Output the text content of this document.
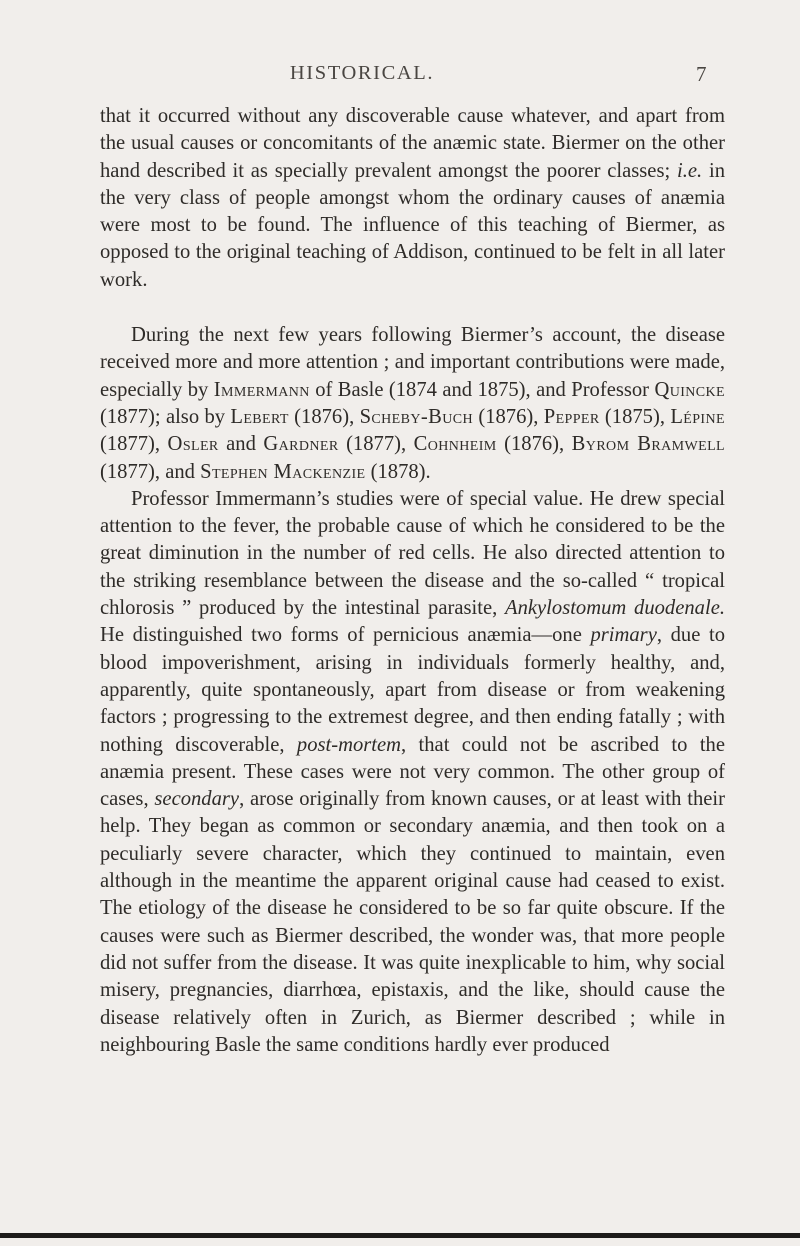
HISTORICAL.	7

that it occurred without any discoverable cause whatever, and apart from the usual causes or concomitants of the anæmic state. Biermer on the other hand described it as specially prevalent amongst the poorer classes; i.e. in the very class of people amongst whom the ordinary causes of anæmia were most to be found. The influence of this teaching of Biermer, as opposed to the original teaching of Addison, continued to be felt in all later work.

During the next few years following Biermer’s account, the disease received more and more attention ; and important contributions were made, especially by Immermann of Basle (1874 and 1875), and Professor Quincke (1877); also by Lebert (1876), Scheby-Buch (1876), Pepper (1875), Lépine (1877), Osler and Gardner (1877), Cohnheim (1876), Byrom Bramwell (1877), and Stephen Mackenzie (1878).

Professor Immermann’s studies were of special value. He drew special attention to the fever, the probable cause of which he considered to be the great diminution in the number of red cells. He also directed attention to the striking resemblance between the disease and the so-called “ tropical chlorosis ” produced by the intestinal parasite, Ankylostomum duodenale. He distinguished two forms of pernicious anæmia—one primary, due to blood impoverishment, arising in individuals formerly healthy, and, apparently, quite spontaneously, apart from disease or from weakening factors ; progressing to the extremest degree, and then ending fatally ; with nothing discoverable, post-mortem, that could not be ascribed to the anæmia present. These cases were not very common. The other group of cases, secondary, arose originally from known causes, or at least with their help. They began as common or secondary anæmia, and then took on a peculiarly severe character, which they continued to maintain, even although in the meantime the apparent original cause had ceased to exist. The etiology of the disease he considered to be so far quite obscure. If the causes were such as Biermer described, the wonder was, that more people did not suffer from the disease. It was quite inexplicable to him, why social misery, pregnancies, diarrhœa, epistaxis, and the like, should cause the disease relatively often in Zurich, as Biermer described ; while in neighbouring Basle the same conditions hardly ever produced
